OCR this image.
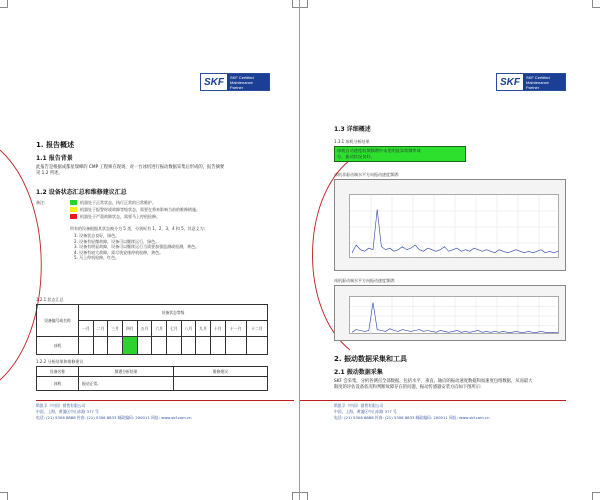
SKF	SKF Certified
Maintenance Partner
1. 报告概述
1.1 报告背景
此报告是根据成都星瑞峰的 CMP 工程师在现场，对一台冰机进行振动数据采集后形成的，报告摘要
见 1.2 所述。
1.2 设备状态汇总和维修建议汇总
备注:	机器处于正常状态，执行正常的日常维护。
机器处于报警时或故障等级状态，需要在将来影响当前的维修措施。
机器处于严重故障状态，需要马上停机检修。
所有的设备根据其状态被分为 5 类，分别标有 1，2，3，4 和 5，其意义为:
1. 设备状态良好，绿色。
2. 设备有轻微故障，设备可以继续运行，绿色。
3. 设备有明显故障，设备可以继续运行当需要加强监测或检测，黄色。
4. 设备有较大故障，需尽快安排停机检修，黄色。
5. 马上停机检修，红色。
1.2.1 状态汇总
设备编号或名称	设备状态等级											
	一月	二月	三月	四月	五月	六月	七月	八月	九月	十月	十一月	十二月
冰机												
1.2.2 分析结果和维修建议
设备名称	频谱分析结果	维修建议
冰机	振动正常。	
斯凯孚（中国）销售有限公司
中国，上海，黄浦区中山东路 377 号
电话: (21) 5306 8888 传真: (21) 5306 8833 邮政编码: 200011 网址: www.skf.com.cn
SKF	SKF Certified
Maintenance Partner
1.3 详细概述
1.3.1 冰机分析结果
冰机自动速度低频频谱中未见明显异常频率成
分，振动状况良好。
冰机非驱动端水平方向振动速度频谱:
冰机驱动端水平方向振动速度频谱:
2. 振动数据采集和工具
2.1 振动数据采集
SKF 会采集，分析各测点全部数据，包括水平，垂直，轴向的振动速度数据和加速度包络数据，从而最大
限度的评估设备状况和判断故障存在的问题，振动传感器安装方向如下图所示:
斯凯孚（中国）销售有限公司
中国，上海，黄浦区中山东路 377 号
电话: (21) 5306 8888 传真: (21) 5306 8833 邮政编码: 200011 网址: www.skf.com.cn
